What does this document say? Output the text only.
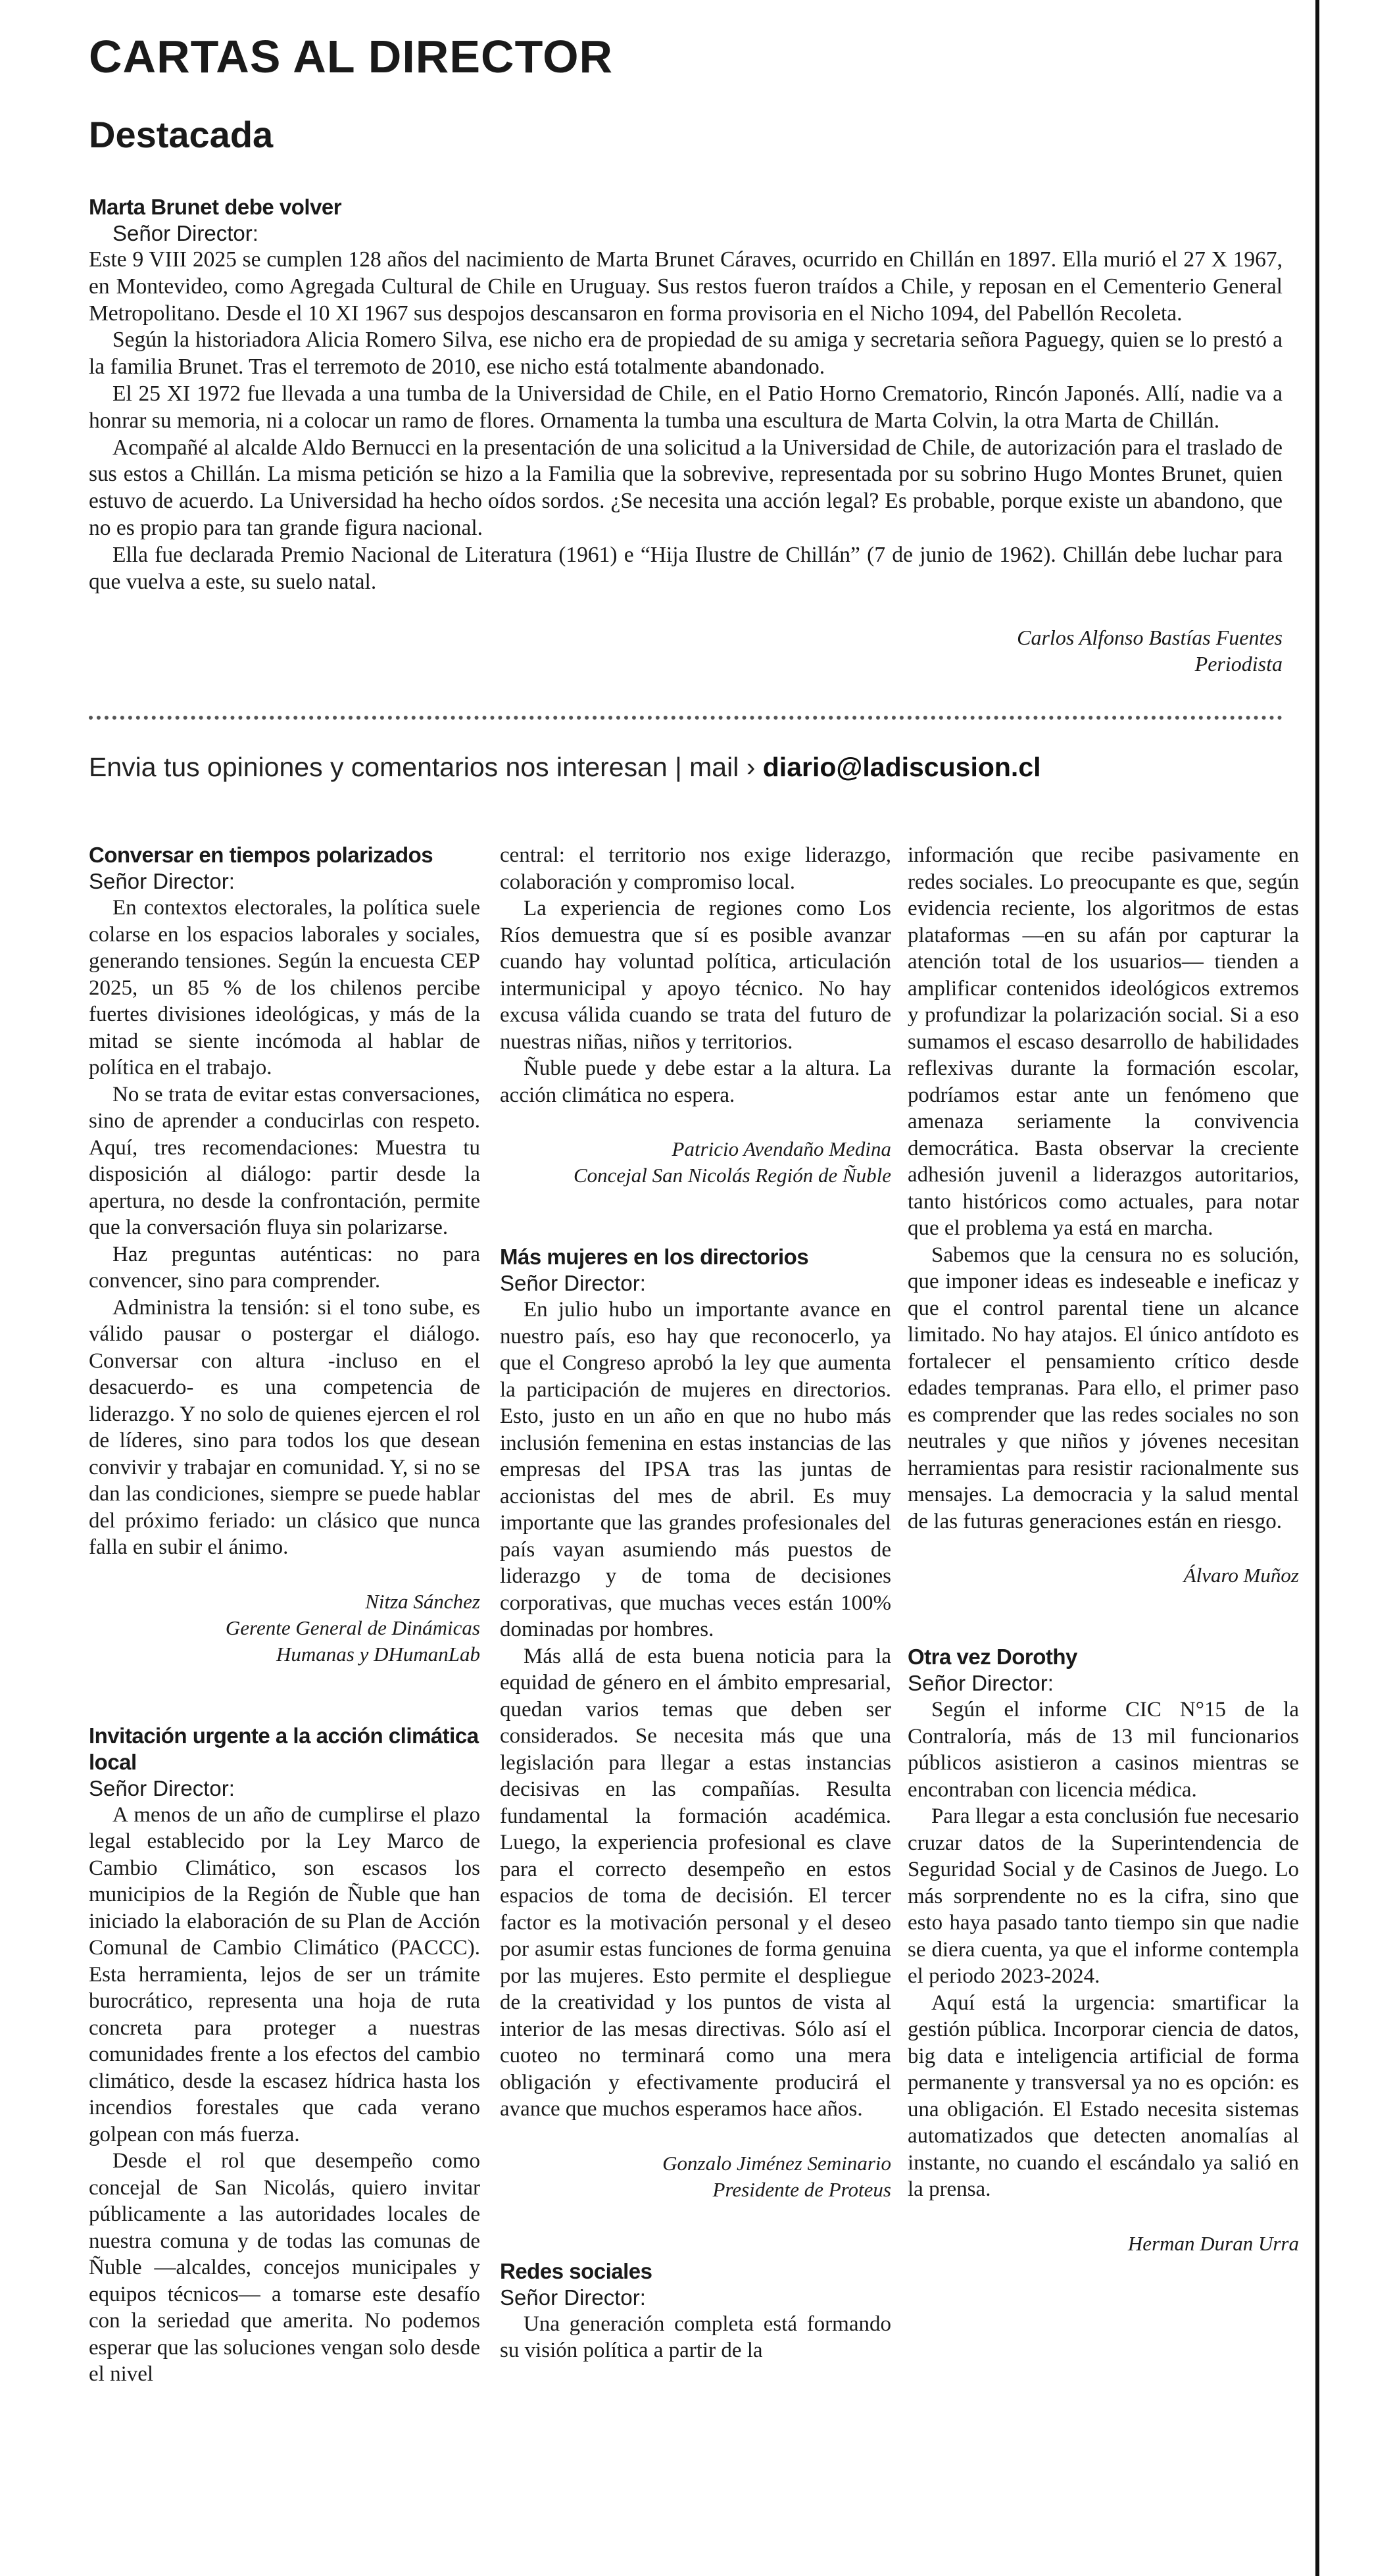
CARTAS AL DIRECTOR
Destacada
Marta Brunet debe volver
Señor Director:

Este 9 VIII 2025 se cumplen 128 años del nacimiento de Marta Brunet Cáraves, ocurrido en Chillán en 1897. Ella murió el 27 X 1967, en Montevideo, como Agregada Cultural de Chile en Uruguay. Sus restos fueron traídos a Chile, y reposan en el Cementerio General Metropolitano. Desde el 10 XI 1967 sus despojos descansaron en forma provisoria en el Nicho 1094, del Pabellón Recoleta.

Según la historiadora Alicia Romero Silva, ese nicho era de propiedad de su amiga y secretaria señora Paguegy, quien se lo prestó a la familia Brunet. Tras el terremoto de 2010, ese nicho está totalmente abandonado.

El 25 XI 1972 fue llevada a una tumba de la Universidad de Chile, en el Patio Horno Crematorio, Rincón Japonés. Allí, nadie va a honrar su memoria, ni a colocar un ramo de flores. Ornamenta la tumba una escultura de Marta Colvin, la otra Marta de Chillán.

Acompañé al alcalde Aldo Bernucci en la presentación de una solicitud a la Universidad de Chile, de autorización para el traslado de sus estos a Chillán. La misma petición se hizo a la Familia que la sobrevive, representada por su sobrino Hugo Montes Brunet, quien estuvo de acuerdo. La Universidad ha hecho oídos sordos. ¿Se necesita una acción legal? Es probable, porque existe un abandono, que no es propio para tan grande figura nacional.

Ella fue declarada Premio Nacional de Literatura (1961) e “Hija Ilustre de Chillán” (7 de junio de 1962). Chillán debe luchar para que vuelva a este, su suelo natal.

Carlos Alfonso Bastías Fuentes
Periodista
Envia tus opiniones y comentarios nos interesan | mail › diario@ladiscusion.cl
Conversar en tiempos polarizados
Señor Director:

En contextos electorales, la política suele colarse en los espacios laborales y sociales, generando tensiones. Según la encuesta CEP 2025, un 85 % de los chilenos percibe fuertes divisiones ideológicas, y más de la mitad se siente incómoda al hablar de política en el trabajo.

No se trata de evitar estas conversaciones, sino de aprender a conducirlas con respeto. Aquí, tres recomendaciones: Muestra tu disposición al diálogo: partir desde la apertura, no desde la confrontación, permite que la conversación fluya sin polarizarse.

Haz preguntas auténticas: no para convencer, sino para comprender.

Administra la tensión: si el tono sube, es válido pausar o postergar el diálogo. Conversar con altura -incluso en el desacuerdo- es una competencia de liderazgo. Y no solo de quienes ejercen el rol de líderes, sino para todos los que desean convivir y trabajar en comunidad. Y, si no se dan las condiciones, siempre se puede hablar del próximo feriado: un clásico que nunca falla en subir el ánimo.

Nitza Sánchez
Gerente General de Dinámicas
Humanas y DHumanLab
Invitación urgente a la acción climática local
Señor Director:

A menos de un año de cumplirse el plazo legal establecido por la Ley Marco de Cambio Climático, son escasos los municipios de la Región de Ñuble que han iniciado la elaboración de su Plan de Acción Comunal de Cambio Climático (PACCC). Esta herramienta, lejos de ser un trámite burocrático, representa una hoja de ruta concreta para proteger a nuestras comunidades frente a los efectos del cambio climático, desde la escasez hídrica hasta los incendios forestales que cada verano golpean con más fuerza.

Desde el rol que desempeño como concejal de San Nicolás, quiero invitar públicamente a las autoridades locales de nuestra comuna y de todas las comunas de Ñuble —alcaldes, concejos municipales y equipos técnicos— a tomarse este desafío con la seriedad que amerita. No podemos esperar que las soluciones vengan solo desde el nivel

central: el territorio nos exige liderazgo, colaboración y compromiso local.

La experiencia de regiones como Los Ríos demuestra que sí es posible avanzar cuando hay voluntad política, articulación intermunicipal y apoyo técnico. No hay excusa válida cuando se trata del futuro de nuestras niñas, niños y territorios.

Ñuble puede y debe estar a la altura. La acción climática no espera.

Patricio Avendaño Medina
Concejal San Nicolás Región de Ñuble
Más mujeres en los directorios
Señor Director:

En julio hubo un importante avance en nuestro país, eso hay que reconocerlo, ya que el Congreso aprobó la ley que aumenta la participación de mujeres en directorios. Esto, justo en un año en que no hubo más inclusión femenina en estas instancias de las empresas del IPSA tras las juntas de accionistas del mes de abril. Es muy importante que las grandes profesionales del país vayan asumiendo más puestos de liderazgo y de toma de decisiones corporativas, que muchas veces están 100% dominadas por hombres.

Más allá de esta buena noticia para la equidad de género en el ámbito empresarial, quedan varios temas que deben ser considerados. Se necesita más que una legislación para llegar a estas instancias decisivas en las compañías. Resulta fundamental la formación académica. Luego, la experiencia profesional es clave para el correcto desempeño en estos espacios de toma de decisión. El tercer factor es la motivación personal y el deseo por asumir estas funciones de forma genuina por las mujeres. Esto permite el despliegue de la creatividad y los puntos de vista al interior de las mesas directivas. Sólo así el cuoteo no terminará como una mera obligación y efectivamente producirá el avance que muchos esperamos hace años.

Gonzalo Jiménez Seminario
Presidente de Proteus
Redes sociales
Señor Director:

Una generación completa está formando su visión política a partir de la

información que recibe pasivamente en redes sociales. Lo preocupante es que, según evidencia reciente, los algoritmos de estas plataformas —en su afán por capturar la atención total de los usuarios— tienden a amplificar contenidos ideológicos extremos y profundizar la polarización social. Si a eso sumamos el escaso desarrollo de habilidades reflexivas durante la formación escolar, podríamos estar ante un fenómeno que amenaza seriamente la convivencia democrática. Basta observar la creciente adhesión juvenil a liderazgos autoritarios, tanto históricos como actuales, para notar que el problema ya está en marcha.

Sabemos que la censura no es solución, que imponer ideas es indeseable e ineficaz y que el control parental tiene un alcance limitado. No hay atajos. El único antídoto es fortalecer el pensamiento crítico desde edades tempranas. Para ello, el primer paso es comprender que las redes sociales no son neutrales y que niños y jóvenes necesitan herramientas para resistir racionalmente sus mensajes. La democracia y la salud mental de las futuras generaciones están en riesgo.

Álvaro Muñoz
Otra vez Dorothy
Señor Director:

Según el informe CIC N°15 de la Contraloría, más de 13 mil funcionarios públicos asistieron a casinos mientras se encontraban con licencia médica.

Para llegar a esta conclusión fue necesario cruzar datos de la Superintendencia de Seguridad Social y de Casinos de Juego. Lo más sorprendente no es la cifra, sino que esto haya pasado tanto tiempo sin que nadie se diera cuenta, ya que el informe contempla el periodo 2023-2024.

Aquí está la urgencia: smartificar la gestión pública. Incorporar ciencia de datos, big data e inteligencia artificial de forma permanente y transversal ya no es opción: es una obligación. El Estado necesita sistemas automatizados que detecten anomalías al instante, no cuando el escándalo ya salió en la prensa.

Herman Duran Urra
